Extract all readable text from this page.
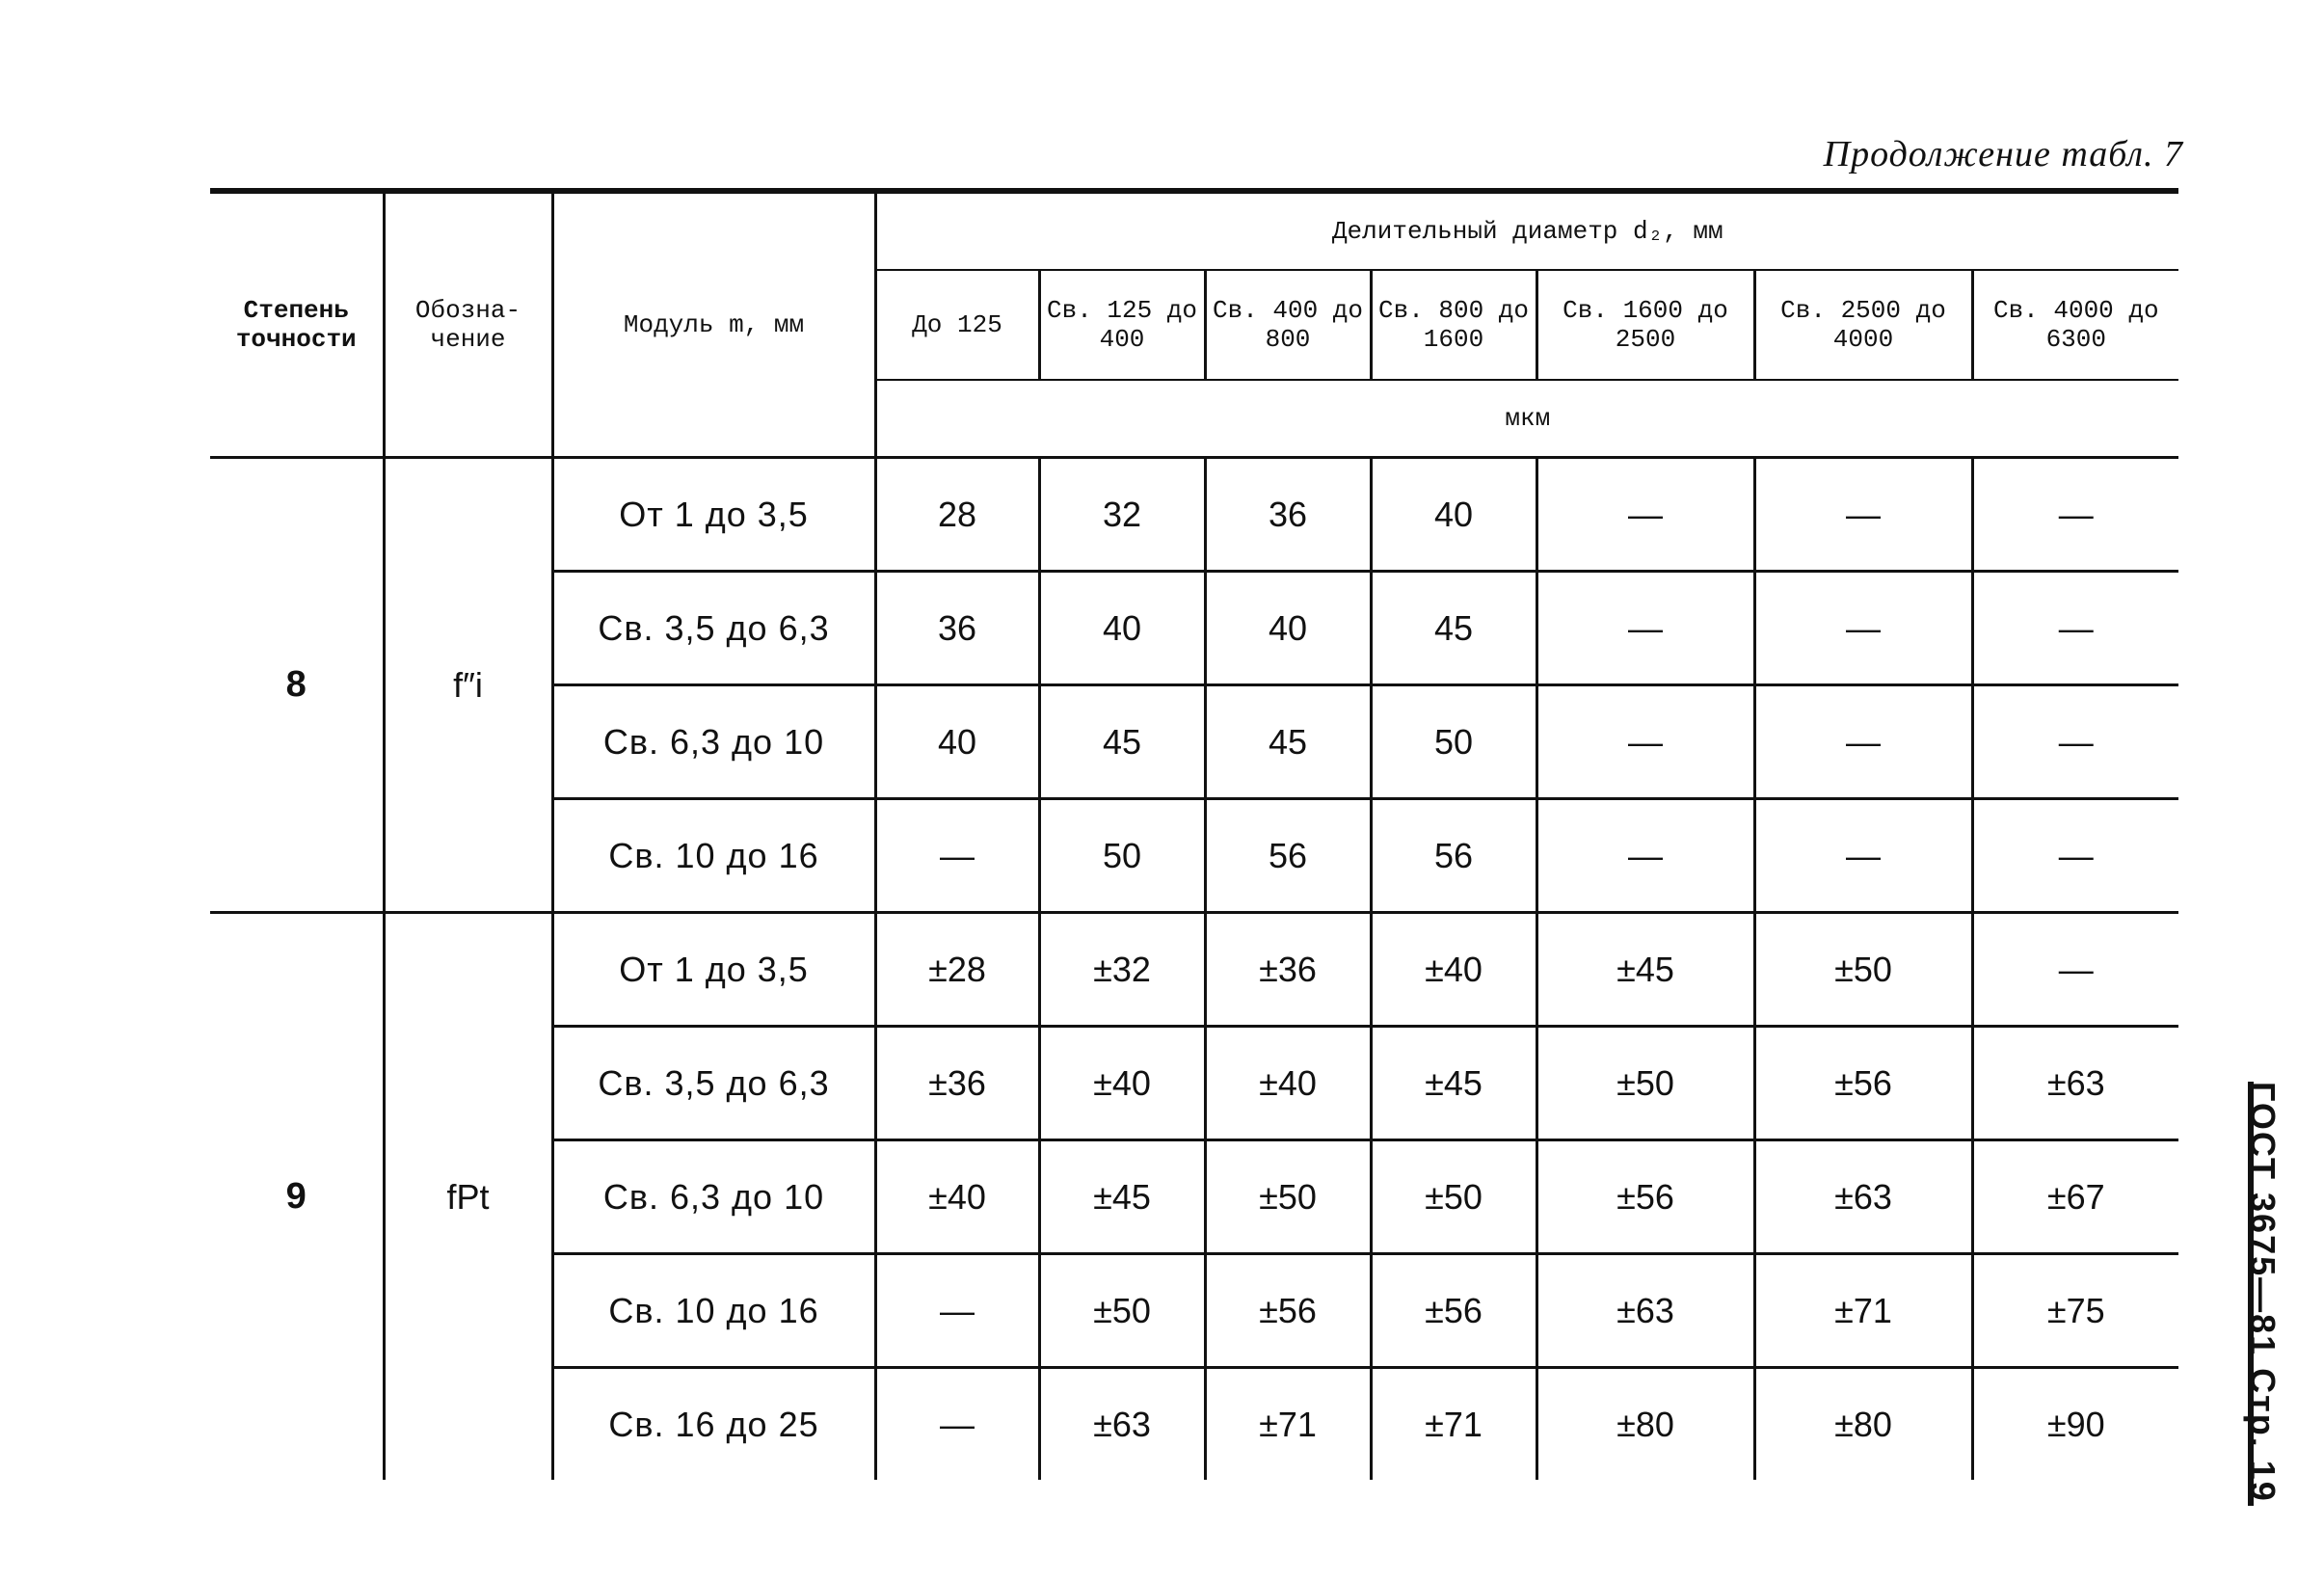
Продолжение табл. 7
Степень точности	Обозна-чение	Модуль m, мм	Делительный диаметр d₂, мм						
			До 125	Св. 125 до 400	Св. 400 до 800	Св. 800 до 1600	Св. 1600 до 2500	Св. 2500 до 4000	Св. 4000 до 6300
			мкм						
8	f″i	От 1 до 3,5	28	32	36	40	—	—	—
		Св. 3,5 до 6,3	36	40	40	45	—	—	—
		Св. 6,3 до 10	40	45	45	50	—	—	—
		Св. 10 до 16	—	50	56	56	—	—	—
9	fPt	От 1 до 3,5	±28	±32	±36	±40	±45	±50	—
		Св. 3,5 до 6,3	±36	±40	±40	±45	±50	±56	±63
		Св. 6,3 до 10	±40	±45	±50	±50	±56	±63	±67
		Св. 10 до 16	—	±50	±56	±56	±63	±71	±75
		Св. 16 до 25	—	±63	±71	±71	±80	±80	±90	ГОСТ 3675—81 Стр. 19
